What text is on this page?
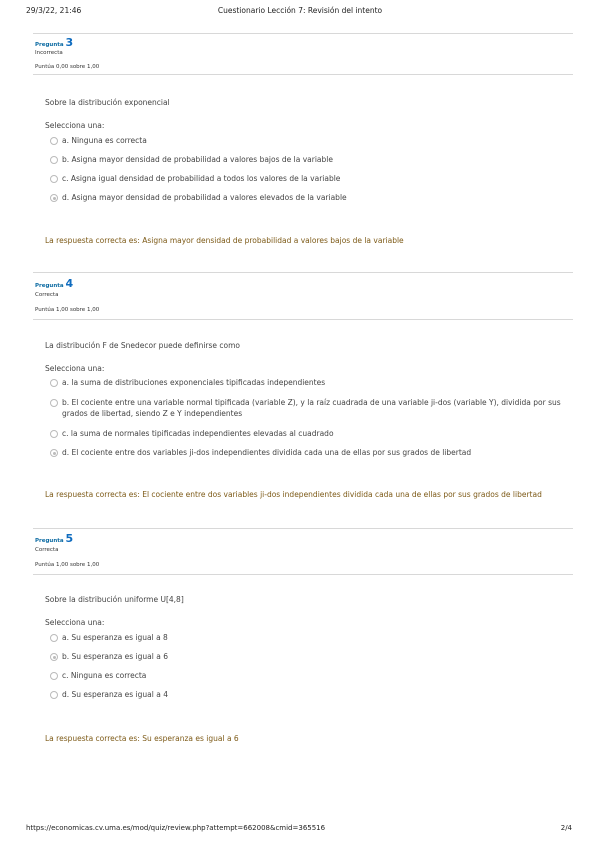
29/3/22, 21:46	Cuestionario Lección 7: Revisión del intento
Pregunta 3
Incorrecta
Puntúa 0,00 sobre 1,00
Sobre la distribución exponencial
Selecciona una:
a. Ninguna es correcta
b. Asigna mayor densidad de probabilidad a valores bajos de la variable
c. Asigna igual densidad de probabilidad a todos los valores de la variable
d. Asigna mayor densidad de probabilidad a valores elevados de la variable
La respuesta correcta es: Asigna mayor densidad de probabilidad a valores bajos de la variable
Pregunta 4
Correcta
Puntúa 1,00 sobre 1,00
La distribución F de Snedecor puede definirse como
Selecciona una:
a. la suma de distribuciones exponenciales tipificadas independientes
b. El cociente entre una variable normal tipificada (variable Z), y la raíz cuadrada de una variable ji-dos (variable Y), dividida por sus grados de libertad, siendo Z e Y independientes
c. la suma de normales tipificadas independientes elevadas al cuadrado
d. El cociente entre dos variables ji-dos independientes dividida cada una de ellas por sus grados de libertad
La respuesta correcta es: El cociente entre dos variables ji-dos independientes dividida cada una de ellas por sus grados de libertad
Pregunta 5
Correcta
Puntúa 1,00 sobre 1,00
Sobre la distribución uniforme U[4,8]
Selecciona una:
a. Su esperanza es igual a 8
b. Su esperanza es igual a 6
c. Ninguna es correcta
d. Su esperanza es igual a 4
La respuesta correcta es: Su esperanza es igual a 6
https://economicas.cv.uma.es/mod/quiz/review.php?attempt=662008&cmid=365516	2/4
